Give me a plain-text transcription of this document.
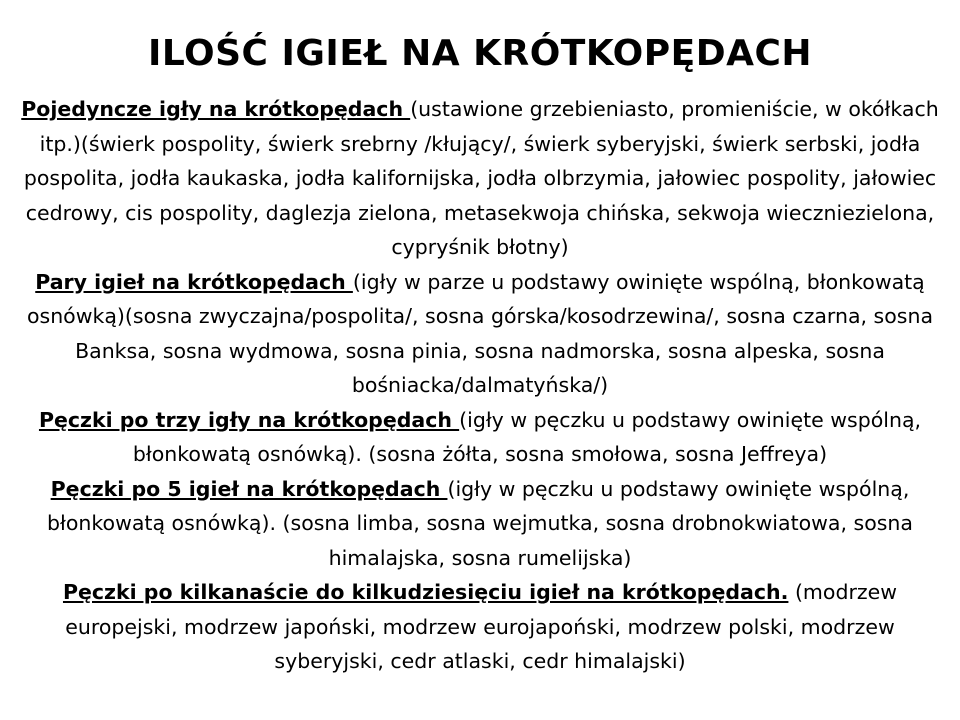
ILOŚĆ IGIEŁ NA KRÓTKOPĘDACH

Pojedyncze igły na krótkopędach (ustawione grzebieniasto, promieniście, w okółkach itp.)(świerk pospolity, świerk srebrny /kłujący/, świerk syberyjski, świerk serbski, jodła pospolita, jodła kaukaska, jodła kalifornijska, jodła olbrzymia, jałowiec pospolity, jałowiec cedrowy, cis pospolity, daglezja zielona, metasekwoja chińska, sekwoja wieczniezielona, cypryśnik błotny)

Pary igieł na krótkopędach (igły w parze u podstawy owinięte wspólną, błonkowatą osnówką)(sosna zwyczajna/pospolita/, sosna górska/kosodrzewina/, sosna czarna, sosna Banksa, sosna wydmowa, sosna pinia, sosna nadmorska, sosna alpeska, sosna bośniacka/dalmatyńska/)

Pęczki po trzy igły na krótkopędach (igły w pęczku u podstawy owinięte wspólną, błonkowatą osnówką). (sosna żółta, sosna smołowa, sosna Jeffreya)

Pęczki po 5 igieł na krótkopędach (igły w pęczku u podstawy owinięte wspólną, błonkowatą osnówką). (sosna limba, sosna wejmutka, sosna drobnokwiatowa, sosna himalajska, sosna rumelijska)

Pęczki po kilkanaście do kilkudziesięciu igieł na krótkopędach. (modrzew europejski, modrzew japoński, modrzew eurojapoński, modrzew polski, modrzew syberyjski, cedr atlaski, cedr himalajski)
